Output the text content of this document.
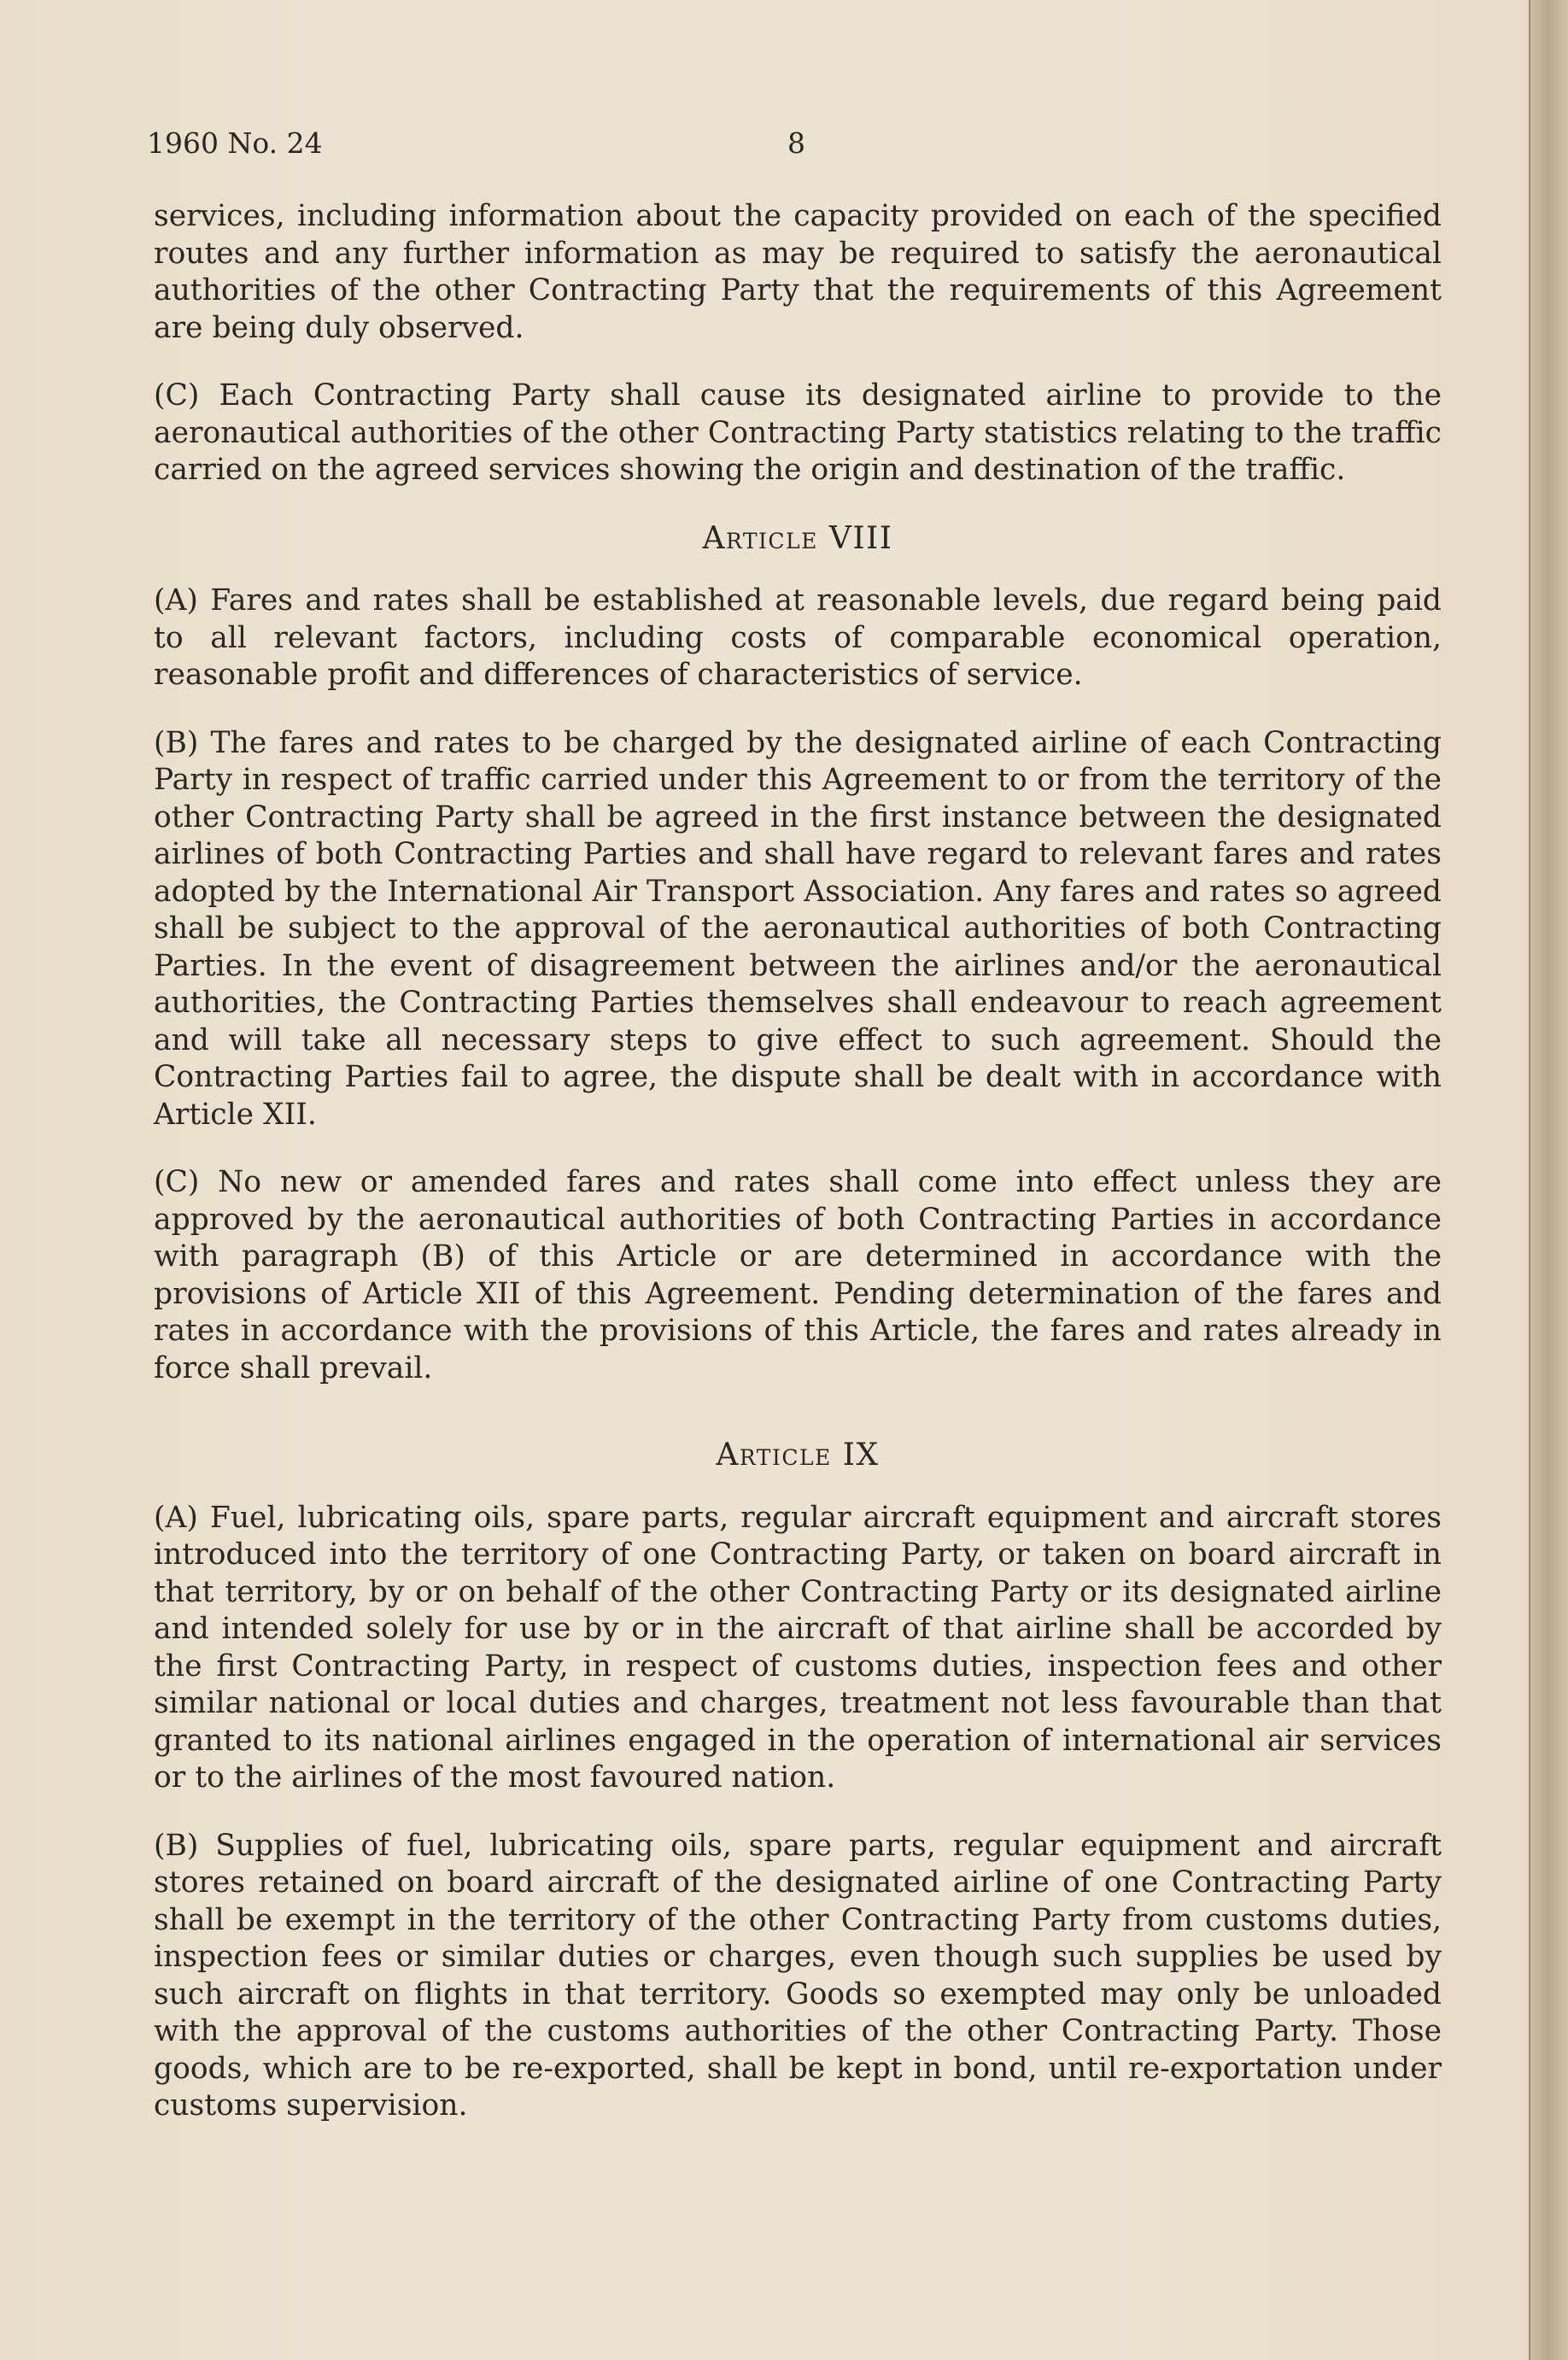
1960 No. 24	8

services, including information about the capacity provided on each of the specified routes and any further information as may be required to satisfy the aeronautical authorities of the other Contracting Party that the requirements of this Agreement are being duly observed.

(C) Each Contracting Party shall cause its designated airline to provide to the aeronautical authorities of the other Contracting Party statistics relating to the traffic carried on the agreed services showing the origin and destination of the traffic.

Article VIII

(A) Fares and rates shall be established at reasonable levels, due regard being paid to all relevant factors, including costs of comparable economical operation, reasonable profit and differences of characteristics of service.

(B) The fares and rates to be charged by the designated airline of each Contracting Party in respect of traffic carried under this Agreement to or from the territory of the other Contracting Party shall be agreed in the first instance between the designated airlines of both Contracting Parties and shall have regard to relevant fares and rates adopted by the International Air Transport Association. Any fares and rates so agreed shall be subject to the approval of the aeronautical authorities of both Contracting Parties. In the event of disagreement between the airlines and/or the aeronautical authorities, the Contracting Parties themselves shall endeavour to reach agreement and will take all necessary steps to give effect to such agreement. Should the Contracting Parties fail to agree, the dispute shall be dealt with in accordance with Article XII.

(C) No new or amended fares and rates shall come into effect unless they are approved by the aeronautical authorities of both Contracting Parties in accordance with paragraph (B) of this Article or are determined in accordance with the provisions of Article XII of this Agreement. Pending determination of the fares and rates in accordance with the provisions of this Article, the fares and rates already in force shall prevail.

Article IX

(A) Fuel, lubricating oils, spare parts, regular aircraft equipment and aircraft stores introduced into the territory of one Contracting Party, or taken on board aircraft in that territory, by or on behalf of the other Contracting Party or its designated airline and intended solely for use by or in the aircraft of that airline shall be accorded by the first Contracting Party, in respect of customs duties, inspection fees and other similar national or local duties and charges, treatment not less favourable than that granted to its national airlines engaged in the operation of international air services or to the airlines of the most favoured nation.

(B) Supplies of fuel, lubricating oils, spare parts, regular equipment and aircraft stores retained on board aircraft of the designated airline of one Contracting Party shall be exempt in the territory of the other Contracting Party from customs duties, inspection fees or similar duties or charges, even though such supplies be used by such aircraft on flights in that territory. Goods so exempted may only be unloaded with the approval of the customs authorities of the other Contracting Party. Those goods, which are to be re-exported, shall be kept in bond, until re-exportation under customs supervision.
